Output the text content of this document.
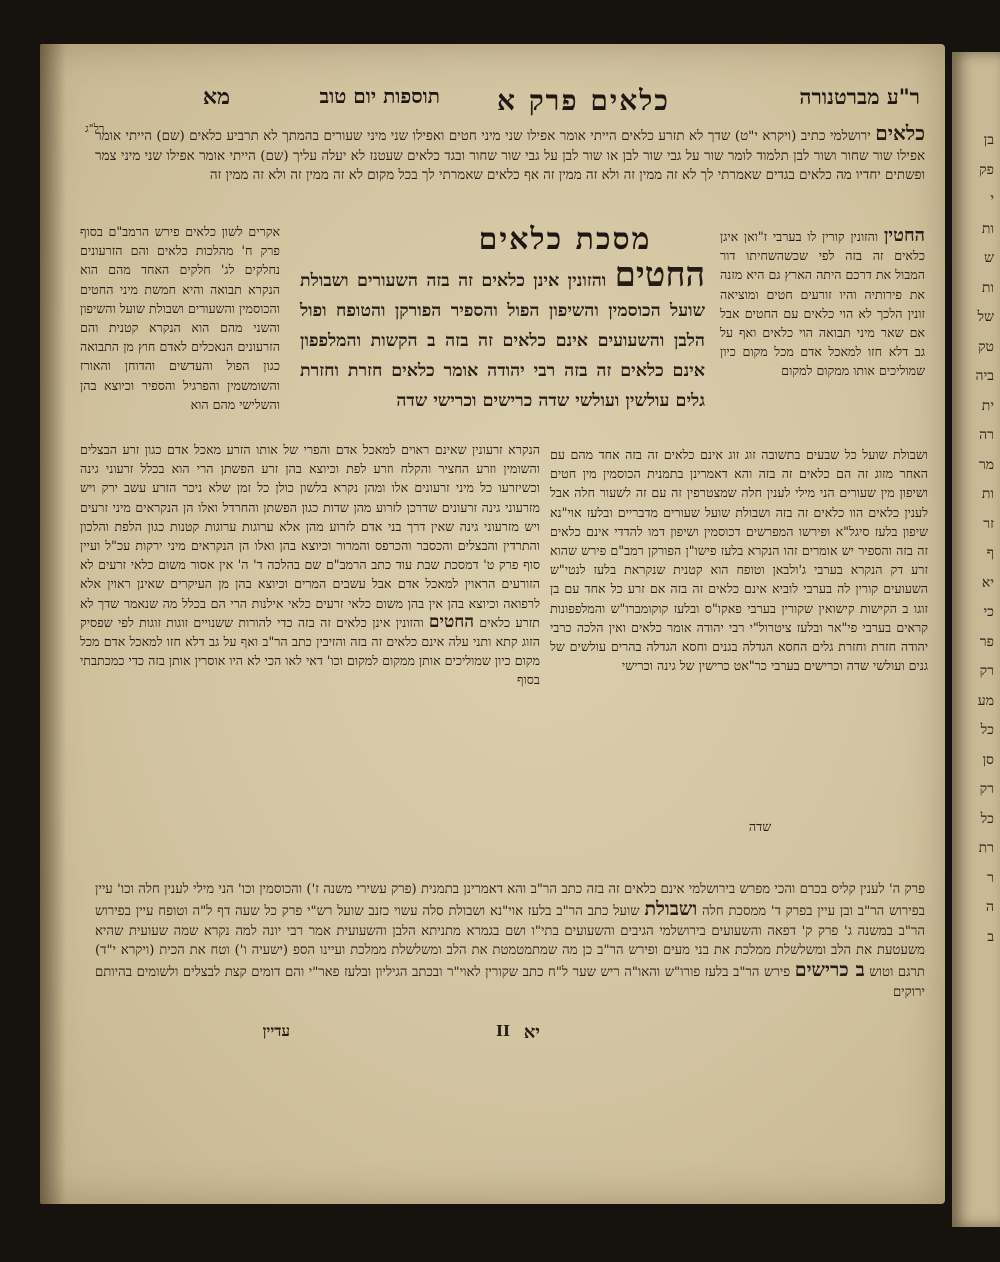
בן
פק
י
ות
ש
ות
של
טק
ביה
ית
רה
מר
ות
זר
ף
יא
כי
פר
רק
מע
כל
סן
רק
כל
רת
ר
ה
ב
ר"ע מברטנורה
כלאים פרק א
תוספות יום טוב
מא
רל"ג	כלאים ירושלמי כתיב (ויקרא י"ט) שדך לא תזרע כלאים הייתי אומר אפילו שני מיני חטים ואפילו שני מיני שעורים בהמתך לא תרביע כלאים (שם) הייתי אומר אפילו שור שחור ושור לבן תלמוד לומר שור על גבי שור לבן או שור לבן על גבי שור שחור ובגד כלאים שעטנז לא יעלה עליך (שם) הייתי אומר אפילו שני מיני צמר ופשתים יחדיו מה כלאים בגדים שאמרתי לך לא זה ממין זה ולא זה ממין זה אף כלאים שאמרתי לך בכל מקום לא זה ממין זה ולא זה ממין זה
מסכת כלאים
החטים והזונין אינן כלאים זה בזה השעורים ושבולת שועל הכוסמין והשיפון הפול והספיר הפורקן והטופח ופול הלבן והשעועים אינם כלאים זה בזה ב הקשות והמלפפון אינם כלאים זה בזה רבי יהודה אומר כלאים חזרת וחזרת גלים עולשין ועולשי שדה כרישים וכרישי שדה
החטין והזונין קורין לו בערבי ז"ואן איגן כלאים זה בזה לפי שכשהשחיתו דור המבול את דרכם היתה הארץ גם היא מזנה את פירותיה והיו זורעים חטים ומוציאה זונין הלכך לא הוי כלאים עם החטים אבל אם שאר מיני תבואה הוי כלאים ואף על גב דלא חזו למאכל אדם מכל מקום כיון שמוליכים אותו ממקום למקום
אקרים לשון כלאים פירש הרמב"ם בסוף פרק ח' מהלכות כלאים והם הזרעונים נחלקים לג' חלקים האחד מהם הוא הנקרא תבואה והיא חמשת מיני החטים והכוסמין והשעורים ושבולת שועל והשיפון והשני מהם הוא הנקרא קטנית והם הזרעונים הנאכלים לאדם חוץ מן התבואה כגון הפול והעדשים והדוחן והאורז והשומשמין והפרגיל והספיר וכיוצא בהן והשלישי מהם הוא
ושבולת שועל כל שבעים בתשובה זוג זוג אינם כלאים זה בזה אחד מהם עם האחר מזוג זה הם כלאים זה בזה והא דאמרינן בתמנית הכוסמין מין חטים ושיפון מין שעורים הני מילי לענין חלה שמצטרפין זה עם זה לשעור חלה אבל לענין כלאים הוו כלאים זה בזה ושבולת שועל שעורים מדבריים ובלעז אוי"נא שיפון בלעז סיגל"א ופירשו המפרשים דכוסמין ושיפון דמו להדדי אינם כלאים זה בזה והספיר יש אומרים זהו הנקרא בלעז פישו"ן הפורקן רמב"ם פירש שהוא זרע דק הנקרא בערבי ג'ולבאן וטופח הוא קטנית שנקראת בלעז לנטי"ש השעועים קורין לה בערבי לוביא אינם כלאים זה בזה אם זרע כל אחד עם בן זוגו ב הקישות קישואין שקורין בערבי פאקו"ס ובלעז קוקומברו"ש והמלפפונות קראים בערבי פי"אר ובלעז ציטרול"י רבי יהודה אומר כלאים ואין הלכה כרבי יהודה חזרת וחזרת גלים החסא הגדלה בגנים וחסא הגדלה בהרים עולשים של גנים ועולשי שדה וכרישים בערבי כר"אט כרישין של גינה וכרישי
שדה
הנקרא זרעונין שאינם ראוים למאכל אדם והפרי של אותו הזרע מאכל אדם כגון זרע הבצלים והשומין וזרע החציר והקלח וזרע לפת וכיוצא בהן זרע הפשתן הרי הוא בכלל זרעוני גינה וכשיזרעו כל מיני זרעונים אלו ומהן נקרא בלשון כולן כל זמן שלא ניכר הזרע עשב ירק ויש מזרעוני גינה זרעונים שדרכן לזרוע מהן שדות כגון הפשתן והחרדל ואלו הן הנקראים מיני זרעים ויש מזרעוני גינה שאין דרך בני אדם לזרוע מהן אלא ערוגות ערוגות קטנות כגון הלפת והלכון והתרדין והבצלים והכסבר והכרפס והמרור וכיוצא בהן ואלו הן הנקראים מיני ירקות עכ"ל ועיין סוף פרק ט' דמסכת שבת עוד כתב הרמב"ם שם בהלכה ד' ה' אין אסור משום כלאי זרעים לא הזורעים הראוין למאכל אדם אבל עשבים המרים וכיוצא בהן מן העיקרים שאינן ראוין אלא לרפואה וכיוצא בהן אין בהן משום כלאי זרעים כלאי אילנות הרי הם בכלל מה שנאמר שדך לא תזרע כלאים החטים והזונין אינן כלאים זה בזה כדי להורות ששנויים זוגות זוגות לפי שפסיק הזוג קתא ותני עלה אינם כלאים זה בזה והזיבין כתב הר"ב ואף על גב דלא חזו למאכל אדם מכל מקום כיון שמוליכים אותן ממקום למקום וכו' דאי לאו הכי לא היו אוסרין אותן בזה כדי כמכתבתי בסוף
פרק ה' לענין קליס בכרם והכי מפרש בירושלמי אינם כלאים זה בזה כתב הר"ב והא דאמרינן בתמנית (פרק עשירי משנה ז') והכוסמין וכו' הני מילי לענין חלה וכו' עיין בפירוש הר"ב ובן עיין בפרק ד' ממסכת חלה ושבולת שועל כתב הר"ב בלעז אוי"נא ושבולת סלה עשוי כזנב שועל רש"י פרק כל שעה דף ל"ה וטופח עיין בפירוש הר"ב במשנה ג' פרק ק' דפאה והשעועים בירושלמי הגיבים והשעועים בתי"ו ושם בגמרא מתניתא הלבן והשעועית אמר רבי יונה למה נקרא שמה שעועית שהיא משעטעת את הלב ומשלשלת ממלכת את בני מעים ופירש הר"ב כן מה שמתמטמטת את הלב ומשלשלת ממלכת ועיינו הספ (ישעיה ו') וטח את הכית (ויקרא י"ד) תרגם וטוש ב כרישים פירש הר"ב בלעז פורו"ש והאו"ה ריש שער ל"ח כתב שקורין לאוי"ר ובכתב הגיליון ובלעז פאר"י והם דומים קצת לבצלים ולשומים בהיותם ירוקים
יא
II
עדיין
